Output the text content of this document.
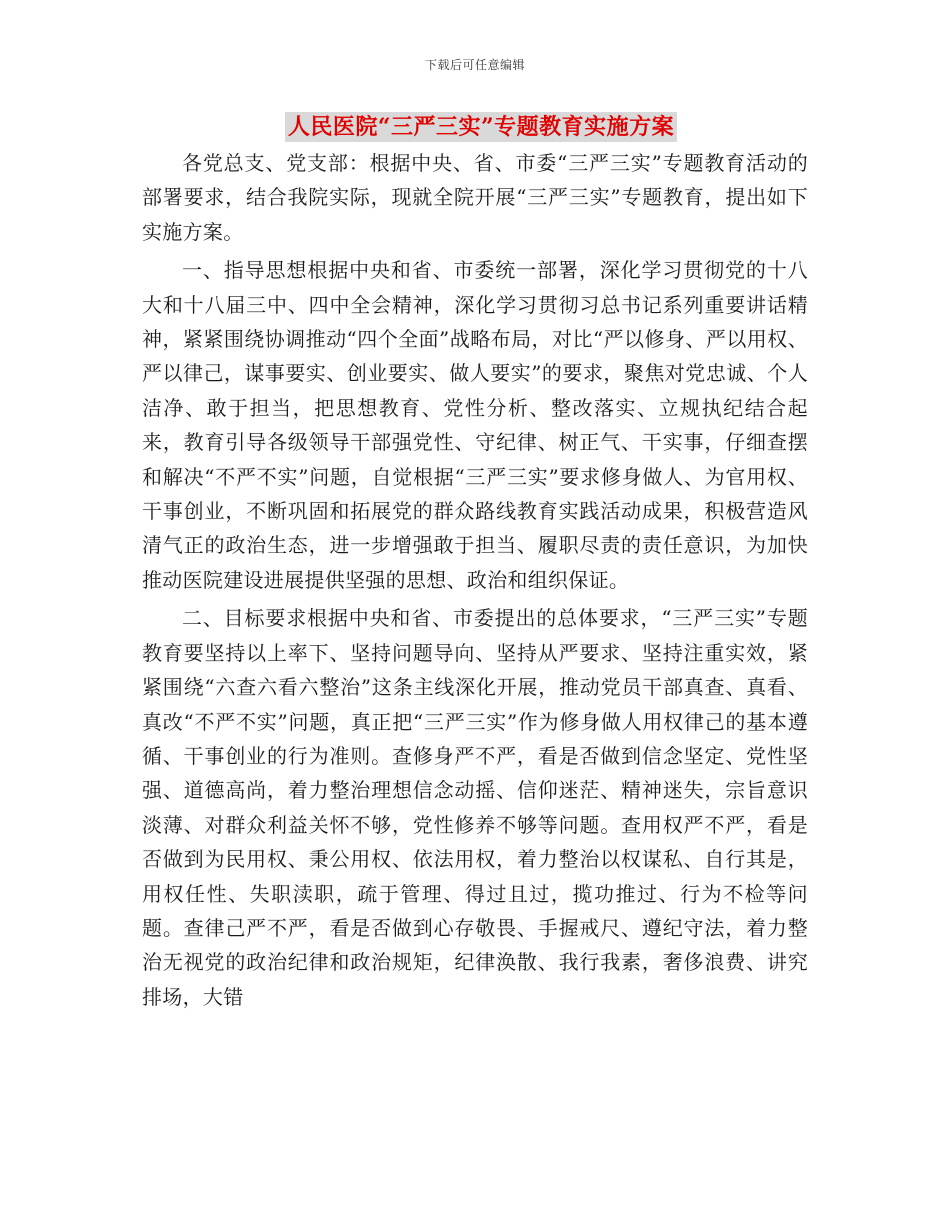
下载后可任意编辑
人民医院“三严三实”专题教育实施方案

各党总支、党支部：根据中央、省、市委“三严三实”专题教育活动的部署要求，结合我院实际，现就全院开展“三严三实”专题教育，提出如下实施方案。

一、指导思想根据中央和省、市委统一部署，深化学习贯彻党的十八大和十八届三中、四中全会精神，深化学习贯彻习总书记系列重要讲话精神，紧紧围绕协调推动“四个全面”战略布局，对比“严以修身、严以用权、严以律己，谋事要实、创业要实、做人要实”的要求，聚焦对党忠诚、个人洁净、敢于担当，把思想教育、党性分析、整改落实、立规执纪结合起来，教育引导各级领导干部强党性、守纪律、树正气、干实事，仔细查摆和解决“不严不实”问题，自觉根据“三严三实”要求修身做人、为官用权、干事创业，不断巩固和拓展党的群众路线教育实践活动成果，积极营造风清气正的政治生态，进一步增强敢于担当、履职尽责的责任意识，为加快推动医院建设进展提供坚强的思想、政治和组织保证。

二、目标要求根据中央和省、市委提出的总体要求，“三严三实”专题教育要坚持以上率下、坚持问题导向、坚持从严要求、坚持注重实效，紧紧围绕“六查六看六整治”这条主线深化开展，推动党员干部真查、真看、真改“不严不实”问题，真正把“三严三实”作为修身做人用权律己的基本遵循、干事创业的行为准则。查修身严不严，看是否做到信念坚定、党性坚强、道德高尚，着力整治理想信念动摇、信仰迷茫、精神迷失，宗旨意识淡薄、对群众利益关怀不够，党性修养不够等问题。查用权严不严，看是否做到为民用权、秉公用权、依法用权，着力整治以权谋私、自行其是，用权任性、失职渎职，疏于管理、得过且过，揽功推过、行为不检等问题。查律己严不严，看是否做到心存敬畏、手握戒尺、遵纪守法，着力整治无视党的政治纪律和政治规矩，纪律涣散、我行我素，奢侈浪费、讲究排场，大错
